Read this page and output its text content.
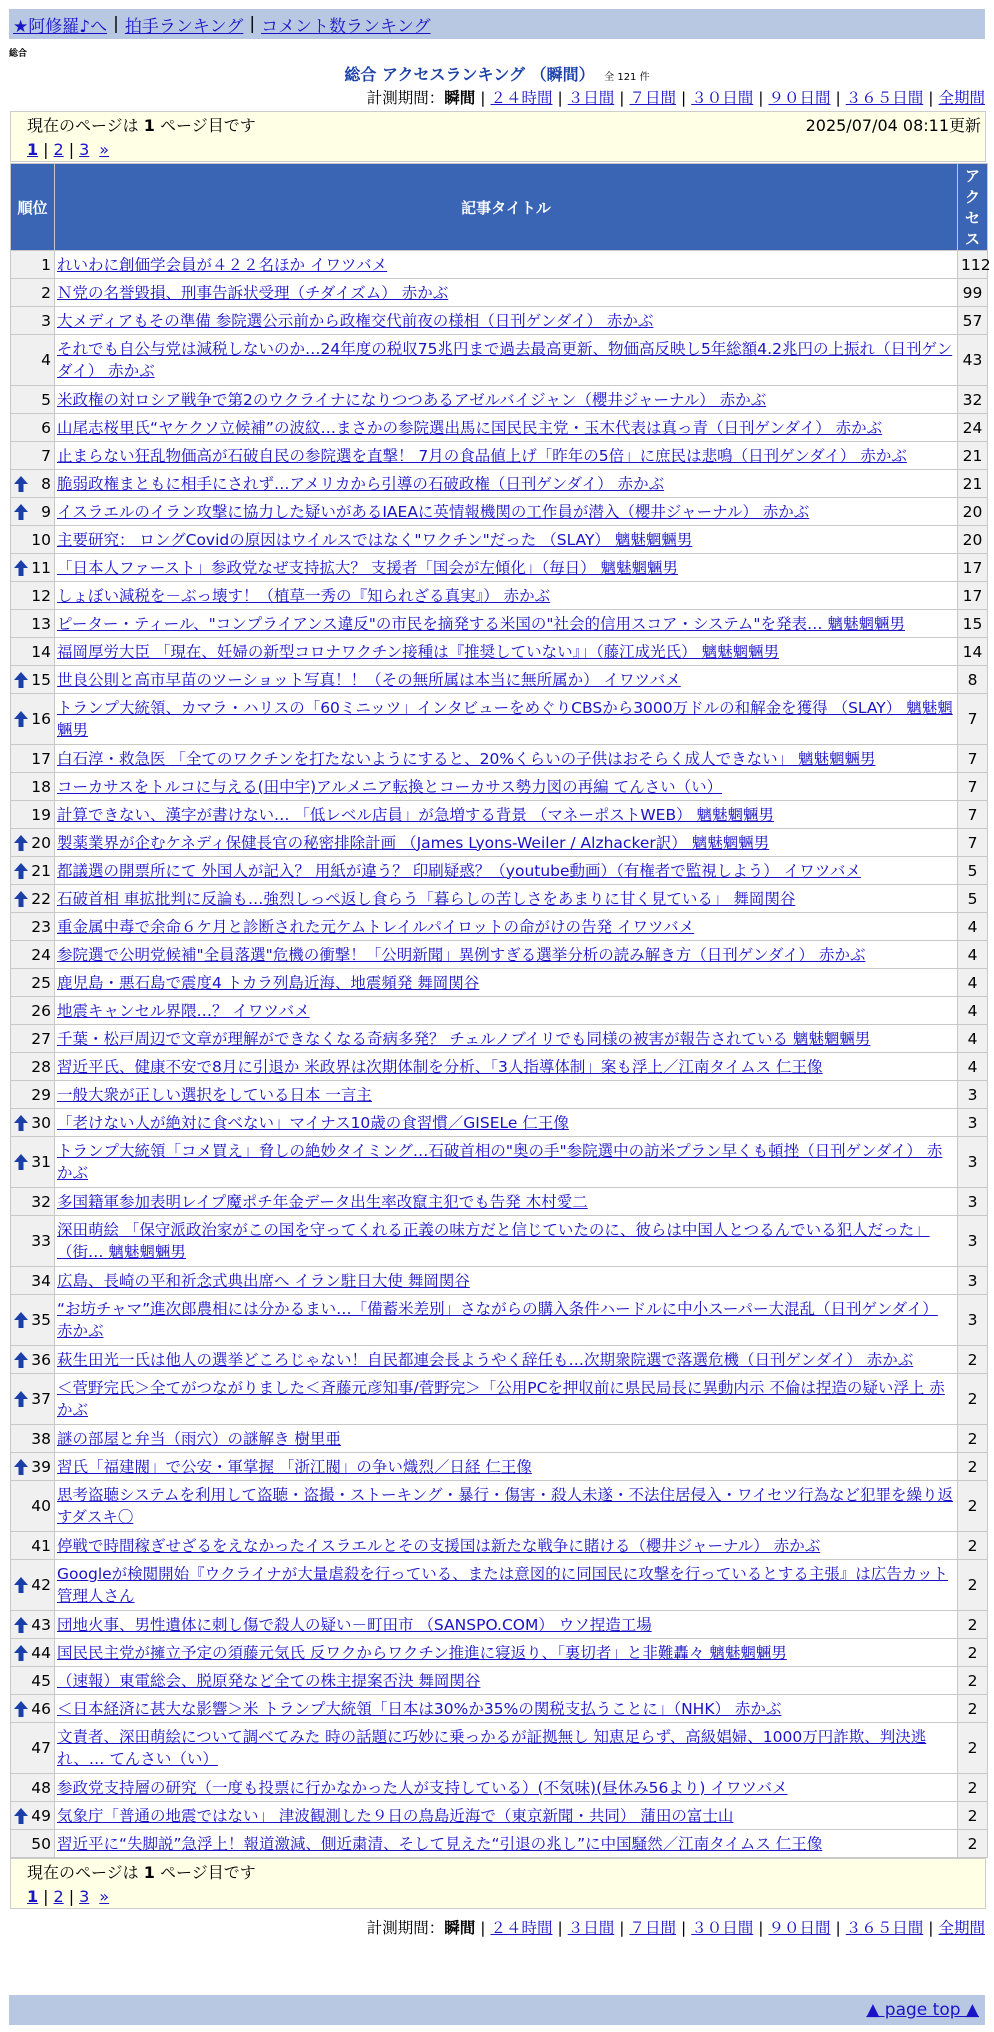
★阿修羅♪へ | 拍手ランキング | コメント数ランキング
総合
総合 アクセスランキング （瞬間） 全 121 件
計測期間：瞬間 | ２４時間 | ３日間 | ７日間 | ３０日間 | ９０日間 | ３６５日間 | 全期間
現在のページは 1 ページ目です	2025/07/04 08:11更新
1 | 2 | 3 »
順位	記事タイトル	アクセス
1	れいわに創価学会員が４２２名ほか イワツバメ	112
2	Ｎ党の名誉毀損、刑事告訴状受理（チダイズム） 赤かぶ	99
3	大メディアもその準備 参院選公示前から政権交代前夜の様相（日刊ゲンダイ） 赤かぶ	57
4	それでも自公与党は減税しないのか…24年度の税収75兆円まで過去最高更新、物価高反映し5年総額4.2兆円の上振れ（日刊ゲンダイ） 赤かぶ	43
5	米政権の対ロシア戦争で第2のウクライナになりつつあるアゼルバイジャン（櫻井ジャーナル） 赤かぶ	32
6	山尾志桜里氏“ヤケクソ立候補”の波紋…まさかの参院選出馬に国民民主党・玉木代表は真っ青（日刊ゲンダイ） 赤かぶ	24
7	止まらない狂乱物価高が石破自民の参院選を直撃！ 7月の食品値上げ「昨年の5倍」に庶民は悲鳴（日刊ゲンダイ） 赤かぶ	21

8	脆弱政権まともに相手にされず…アメリカから引導の石破政権（日刊ゲンダイ） 赤かぶ	21

9	イスラエルのイラン攻撃に協力した疑いがあるIAEAに英情報機関の工作員が潜入（櫻井ジャーナル） 赤かぶ	20
10	主要研究： ロングCovidの原因はウイルスではなく"ワクチン"だった （SLAY） 魑魅魍魎男	20

11	「日本人ファースト」参政党なぜ支持拡大？ 支援者「国会が左傾化」（毎日） 魑魅魍魎男	17
12	しょぼい減税を－ぶっ壊す！（植草一秀の『知られざる真実』） 赤かぶ	17
13	ピーター・ティール、"コンプライアンス違反"の市民を摘発する米国の"社会的信用スコア・システム"を発表… 魑魅魍魎男	15
14	福岡厚労大臣 「現在、妊婦の新型コロナワクチン接種は『推奨していない』」（藤江成光氏） 魑魅魍魎男	14

15	世良公則と高市早苗のツーショット写真！！（その無所属は本当に無所属か） イワツバメ	8

16	トランプ大統領、カマラ・ハリスの「60ミニッツ」インタビューをめぐりCBSから3000万ドルの和解金を獲得 （SLAY） 魑魅魍魎男	7
17	白石淳・救急医 「全てのワクチンを打たないようにすると、20%くらいの子供はおそらく成人できない」 魑魅魍魎男	7
18	コーカサスをトルコに与える(田中宇)アルメニア転換とコーカサス勢力図の再編 てんさい（い）	7
19	計算できない、漢字が書けない… 「低レベル店員」が急増する背景 （マネーポストWEB） 魑魅魍魎男	7

20	製薬業界が企むケネディ保健長官の秘密排除計画 （James Lyons-Weiler / Alzhacker訳） 魑魅魍魎男	7

21	都議選の開票所にて 外国人が記入？ 用紙が違う？ 印刷疑惑？（youtube動画）（有権者で監視しよう） イワツバメ	5

22	石破首相 車拡批判に反論も…強烈しっぺ返し食らう「暮らしの苦しさをあまりに甘く見ている」 舞岡関谷	5
23	重金属中毒で余命６ケ月と診断された元ケムトレイルパイロットの命がけの告発 イワツバメ	4
24	参院選で公明党候補"全員落選"危機の衝撃！「公明新聞」異例すぎる選挙分析の読み解き方（日刊ゲンダイ） 赤かぶ	4
25	鹿児島・悪石島で震度4 トカラ列島近海、地震頻発 舞岡関谷	4
26	地震キャンセル界隈…？ イワツバメ	4
27	千葉・松戸周辺で文章が理解ができなくなる奇病多発？ チェルノブイリでも同様の被害が報告されている 魑魅魍魎男	4
28	習近平氏、健康不安で8月に引退か 米政界は次期体制を分析、「3人指導体制」案も浮上／江南タイムス 仁王像	4
29	一般大衆が正しい選択をしている日本 一言主	3

30	「老けない人が絶対に食べない」マイナス10歳の食習慣／GISELe 仁王像	3

31	トランプ大統領「コメ買え」脅しの絶妙タイミング…石破首相の"奥の手"参院選中の訪米プラン早くも頓挫（日刊ゲンダイ） 赤かぶ	3
32	多国籍軍参加表明レイプ魔ポチ年金データ出生率改竄主犯でも告発 木村愛二	3
33	深田萌絵 「保守派政治家がこの国を守ってくれる正義の味方だと信じていたのに、彼らは中国人とつるんでいる犯人だった」（街… 魑魅魍魎男	3
34	広島、長崎の平和祈念式典出席へ イラン駐日大使 舞岡関谷	3

35	“お坊チャマ”進次郎農相には分かるまい…「備蓄米差別」さながらの購入条件ハードルに中小スーパー大混乱（日刊ゲンダイ） 赤かぶ	3

36	萩生田光一氏は他人の選挙どころじゃない！自民都連会長ようやく辞任も…次期衆院選で落選危機（日刊ゲンダイ） 赤かぶ	2

37	＜菅野完氏＞全てがつながりました＜斉藤元彦知事/菅野完＞「公用PCを押収前に県民局長に異動内示 不倫は捏造の疑い浮上 赤かぶ	2
38	謎の部屋と弁当（雨穴）の謎解き 樹里亜	2

39	習氏「福建閥」で公安・軍掌握 「浙江閥」の争い熾烈／日経 仁王像	2
40	思考盗聴システムを利用して盗聴・盗撮・ストーキング・暴行・傷害・殺人未遂・不法住居侵入・ワイセツ行為など犯罪を繰り返すダスキ〇	2
41	停戦で時間稼ぎせざるをえなかったイスラエルとその支援国は新たな戦争に賭ける（櫻井ジャーナル） 赤かぶ	2

42	Googleが検閲開始『ウクライナが大量虐殺を行っている、または意図的に同国民に攻撃を行っているとする主張』は広告カット 管理人さん	2

43	団地火事、男性遺体に刺し傷で殺人の疑い－町田市 （SANSPO.COM） ウソ捏造工場	2

44	国民民主党が擁立予定の須藤元気氏 反ワクからワクチン推進に寝返り、「裏切者」と非難轟々 魑魅魍魎男	2
45	（速報）東電総会、脱原発など全ての株主提案否決 舞岡関谷	2

46	＜日本経済に甚大な影響＞米 トランプ大統領「日本は30%か35%の関税支払うことに」（NHK） 赤かぶ	2
47	文責者、深田萌絵について調べてみた 時の話題に巧妙に乗っかるが証拠無し 知恵足らず、高級娼婦、1000万円詐欺、判決逃れ、… てんさい（い）	2
48	参政党支持層の研究（一度も投票に行かなかった人が支持している）(不気味)(昼休み56より) イワツバメ	2

49	気象庁「普通の地震ではない」 津波観測した９日の鳥島近海で（東京新聞・共同） 蒲田の富士山	2
50	習近平に“失脚説”急浮上！報道激減、側近粛清、そして見えた“引退の兆し”に中国騒然／江南タイムス 仁王像	2
現在のページは 1 ページ目です
1 | 2 | 3 »
計測期間：瞬間 | ２４時間 | ３日間 | ７日間 | ３０日間 | ９０日間 | ３６５日間 | 全期間
▲ page top ▲
